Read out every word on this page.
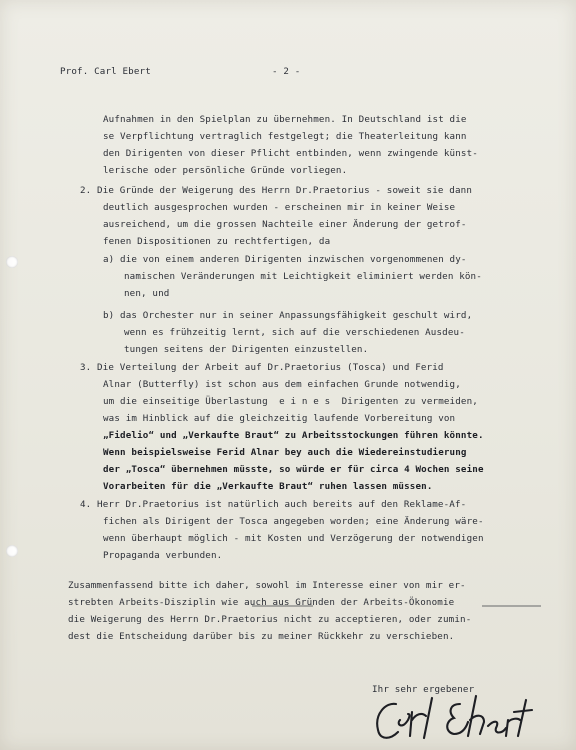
Prof. Carl Ebert	- 2 -
Aufnahmen in den Spielplan zu übernehmen. In Deutschland ist die
se Verpflichtung vertraglich festgelegt; die Theaterleitung kann
den Dirigenten von dieser Pflicht entbinden, wenn zwingende künst-
lerische oder persönliche Gründe vorliegen.
2. Die Gründe der Weigerung des Herrn Dr.Praetorius - soweit sie dann
deutlich ausgesprochen wurden - erscheinen mir in keiner Weise
ausreichend, um die grossen Nachteile einer Änderung der getrof-
fenen Dispositionen zu rechtfertigen, da
a) die von einem anderen Dirigenten inzwischen vorgenommenen dy-
namischen Veränderungen mit Leichtigkeit eliminiert werden kön-
nen, und
b) das Orchester nur in seiner Anpassungsfähigkeit geschult wird,
wenn es frühzeitig lernt, sich auf die verschiedenen Ausdeu-
tungen seitens der Dirigenten einzustellen.
3. Die Verteilung der Arbeit auf Dr.Praetorius (Tosca) und Ferid
Alnar (Butterfly) ist schon aus dem einfachen Grunde notwendig,
um die einseitige Überlastung  e i n e s  Dirigenten zu vermeiden,
was im Hinblick auf die gleichzeitig laufende Vorbereitung von
„Fidelio“ und „Verkaufte Braut“ zu Arbeitsstockungen führen könnte.
Wenn beispielsweise Ferid Alnar bey auch die Wiedereinstudierung
der „Tosca“ übernehmen müsste, so würde er für circa 4 Wochen seine
Vorarbeiten für die „Verkaufte Braut“ ruhen lassen müssen.
4. Herr Dr.Praetorius ist natürlich auch bereits auf den Reklame-Af-
fichen als Dirigent der Tosca angegeben worden; eine Änderung wäre-
wenn überhaupt möglich - mit Kosten und Verzögerung der notwendigen
Propaganda verbunden.
Zusammenfassend bitte ich daher, sowohl im Interesse einer von mir er-
strebten Arbeits-Disziplin wie auch aus Gründen der Arbeits-Ökonomie
die Weigerung des Herrn Dr.Praetorius nicht zu acceptieren, oder zumin-
dest die Entscheidung darüber bis zu meiner Rückkehr zu verschieben.
Ihr sehr ergebener
